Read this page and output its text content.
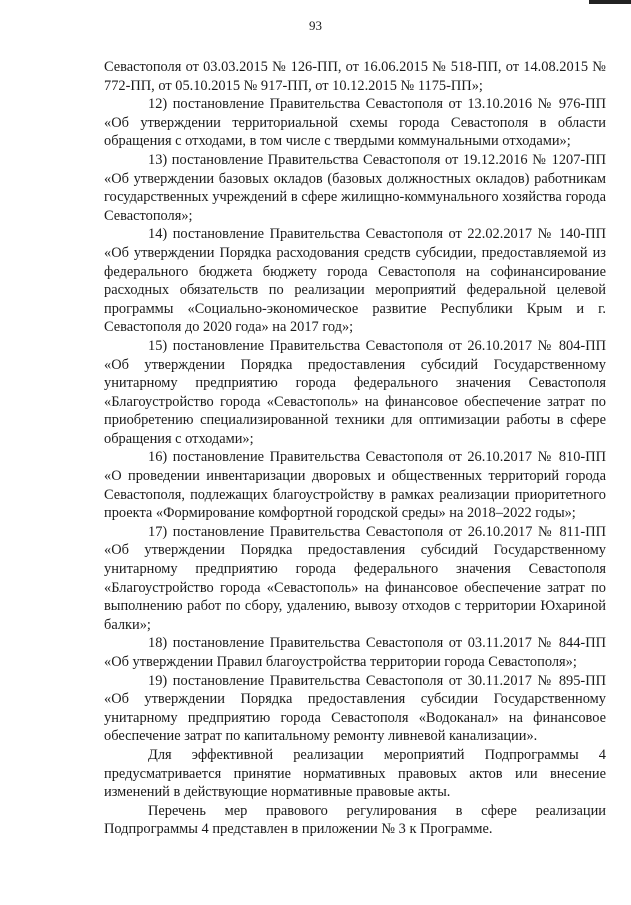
93

Севастополя от 03.03.2015 № 126-ПП, от 16.06.2015 № 518-ПП, от 14.08.2015 № 772-ПП, от 05.10.2015 № 917-ПП, от 10.12.2015 № 1175-ПП»;

12) постановление Правительства Севастополя от 13.10.2016 № 976-ПП «Об утверждении территориальной схемы города Севастополя в области обращения с отходами, в том числе с твердыми коммунальными отходами»;

13) постановление Правительства Севастополя от 19.12.2016 № 1207-ПП «Об утверждении базовых окладов (базовых должностных окладов) работникам государственных учреждений в сфере жилищно-коммунального хозяйства города Севастополя»;

14) постановление Правительства Севастополя от 22.02.2017 № 140-ПП «Об утверждении Порядка расходования средств субсидии, предоставляемой из федерального бюджета бюджету города Севастополя на софинансирование расходных обязательств по реализации мероприятий федеральной целевой программы «Социально-экономическое развитие Республики Крым и г. Севастополя до 2020 года» на 2017 год»;

15) постановление Правительства Севастополя от 26.10.2017 № 804-ПП «Об утверждении Порядка предоставления субсидий Государственному унитарному предприятию города федерального значения Севастополя «Благоустройство города «Севастополь» на финансовое обеспечение затрат по приобретению специализированной техники для оптимизации работы в сфере обращения с отходами»;

16) постановление Правительства Севастополя от 26.10.2017 № 810-ПП «О проведении инвентаризации дворовых и общественных территорий города Севастополя, подлежащих благоустройству в рамках реализации приоритетного проекта «Формирование комфортной городской среды» на 2018–2022 годы»;

17) постановление Правительства Севастополя от 26.10.2017 № 811-ПП «Об утверждении Порядка предоставления субсидий Государственному унитарному предприятию города федерального значения Севастополя «Благоустройство города «Севастополь» на финансовое обеспечение затрат по выполнению работ по сбору, удалению, вывозу отходов с территории Юхариной балки»;

18) постановление Правительства Севастополя от 03.11.2017 № 844-ПП «Об утверждении Правил благоустройства территории города Севастополя»;

19) постановление Правительства Севастополя от 30.11.2017 № 895-ПП «Об утверждении Порядка предоставления субсидии Государственному унитарному предприятию города Севастополя «Водоканал» на финансовое обеспечение затрат по капитальному ремонту ливневой канализации».

Для эффективной реализации мероприятий Подпрограммы 4 предусматривается принятие нормативных правовых актов или внесение изменений в действующие нормативные правовые акты.

Перечень мер правового регулирования в сфере реализации Подпрограммы 4 представлен в приложении № 3 к Программе.
